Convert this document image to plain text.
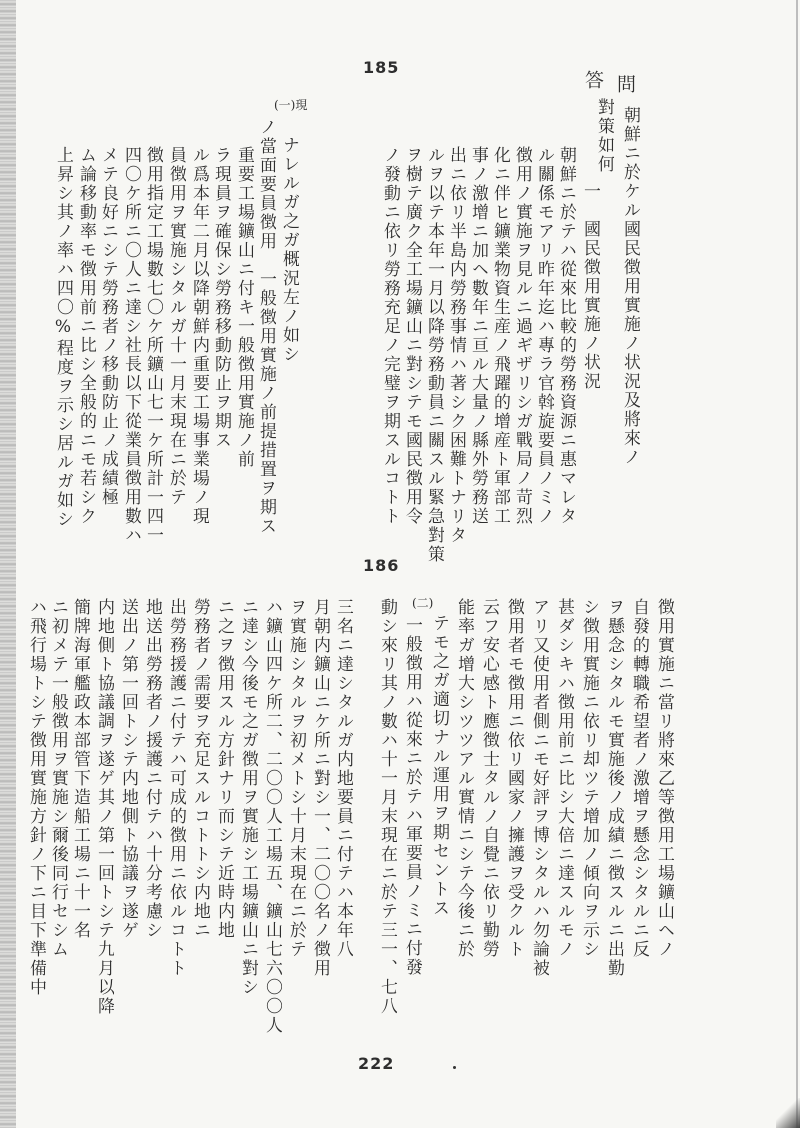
185
186
222
問
答
朝鮮ニ於ケル國民徴用實施ノ状況及將來ノ
對策如何
一　國民徴用實施ノ状況
朝鮮ニ於テハ從來比較的勞務資源ニ惠マレタ
ル關係モアリ昨年迄ハ專ラ官斡旋要員ノミノ
徴用ノ實施ヲ見ルニ過ギザリシガ戰局ノ苛烈
化ニ伴ヒ鑛業物資生産ノ飛躍的增産ト軍部工
事ノ激增ニ加ヘ數年ニ亘ル大量ノ縣外勞務送
出ニ依リ半島内勞務事情ハ著シク困難トナリタ
ルヲ以テ本年一月以降勞務動員ニ關スル緊急對策
ヲ樹テ廣ク全工場鑛山ニ對シテモ國民徴用令
ノ發動ニ依リ勞務充足ノ完璧ヲ期スルコトト
(一)現
ナレルガ之ガ概況左ノ如シ
ノ當面要員徴用　一般徴用實施ノ前提措置ヲ期ス
重要工場鑛山ニ付キ一般徴用實施ノ前
ラ現員ヲ確保シ勞務移動防止ヲ期ス
ル爲本年二月以降朝鮮内重要工場事業場ノ現
員徴用ヲ實施シタルガ十一月末現在ニ於テ
徴用指定工場數七〇ケ所鑛山七一ケ所計一四一
四〇ケ所ニ〇人ニ達シ社長以下從業員徴用數ハ
メテ良好ニシテ勞務者ノ移動防止ノ成績極
ム論移動率モ徴用前ニ比シ全般的ニモ若シク
上昇シ其ノ率ハ四〇%程度ヲ示シ居ルガ如シ
徴用實施ニ當リ將來乙等徴用工場鑛山ヘノ
自發的轉職希望者ノ激增ヲ懸念シタルニ反
ヲ懸念シタルモ實施後ノ成績ニ徴スルニ出勤
シ徴用實施ニ依リ却ツテ增加ノ傾向ヲ示シ
甚ダシキハ徴用前ニ比シ大倍ニ達スルモノ
アリ又使用者側ニモ好評ヲ博シタルハ勿論被
徴用者モ徴用ニ依リ國家ノ擁護ヲ受クルト
云フ安心感ト應徴士タルノ自覺ニ依リ勤勞
能率ガ增大シツツアル實情ニシテ今後ニ於
テモ之ガ適切ナル運用ヲ期セントス
(二)
一般徴用ハ從來ニ於テハ軍要員ノミニ付發
動シ來リ其ノ數ハ十一月末現在ニ於テ三一、七八
三名ニ達シタルガ内地要員ニ付テハ本年八
月朝内鑛山ニケ所ニ對シ一、二〇〇名ノ徴用
ヲ實施シタルヲ初メトシ十月末現在ニ於テ
ハ鑛山四ケ所二、二〇〇人工場五、鑛山七六〇〇人
ニ達シ今後モ之ガ徴用ヲ實施シ工場鑛山ニ對シ
ニ之ヲ徴用スル方針ナリ而シテ近時内地
勞務者ノ需要ヲ充足スルコトトシ内地ニ
出勞務援護ニ付テハ可成的徴用ニ依ルコトト
地送出勞務者ノ援護ニ付テハ十分考慮シ
送出ノ第一回トシテ内地側ト協議ヲ遂ゲ
内地側ト協議調ヲ遂ゲ其ノ第一回トシテ九月以降
簡牌海軍艦政本部管下造船工場ニ十一名
ニ初メテ一般徴用ヲ實施シ爾後同行セシム
ハ飛行場トシテ徴用實施方針ノ下ニ目下準備中
